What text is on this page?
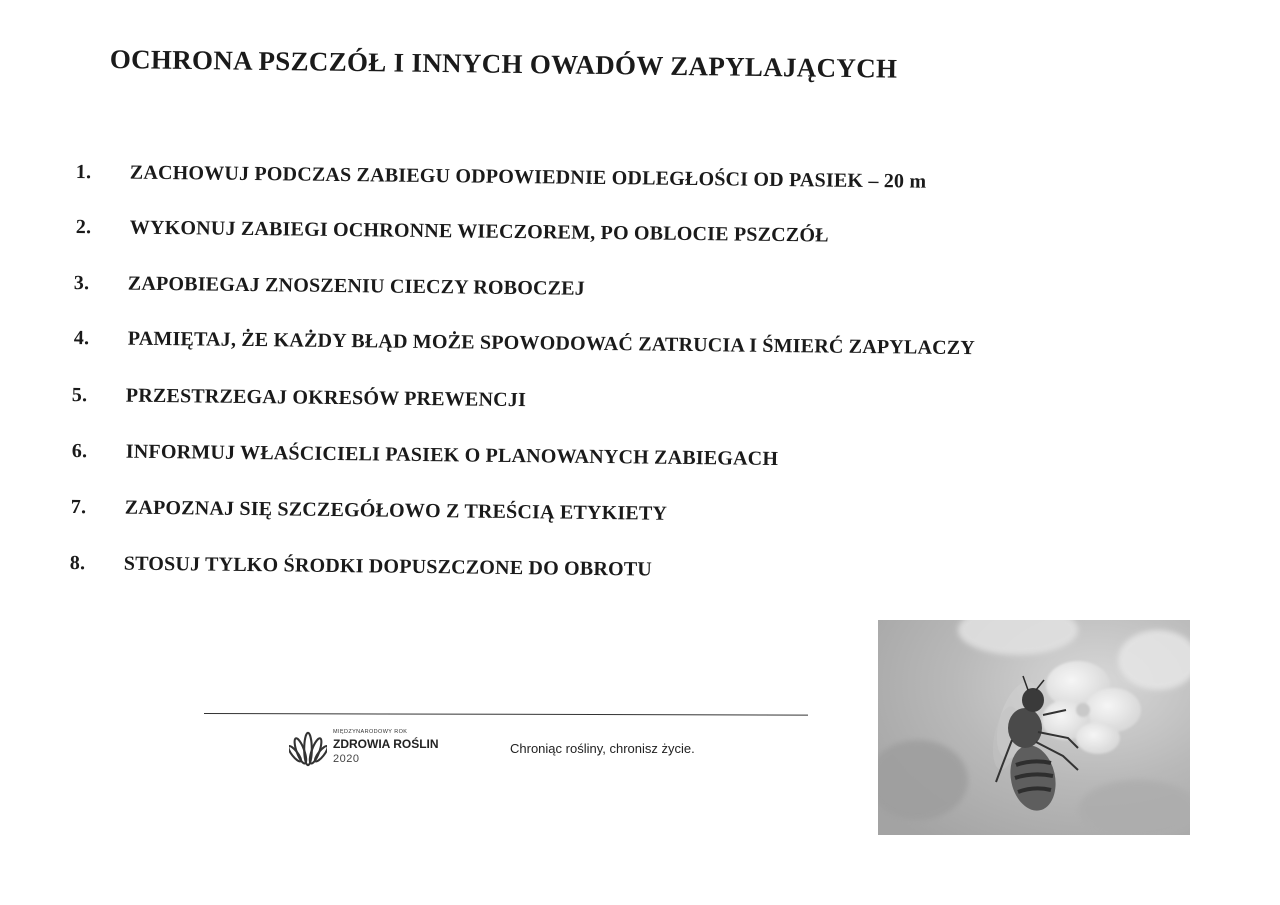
OCHRONA PSZCZÓŁ I INNYCH OWADÓW ZAPYLAJĄCYCH
1. ZACHOWUJ PODCZAS ZABIEGU ODPOWIEDNIE ODLEGŁOŚCI OD PASIEK – 20 m
2. WYKONUJ ZABIEGI OCHRONNE WIECZOREM, PO OBLOCIE PSZCZÓŁ
3. ZAPOBIEGAJ ZNOSZENIU CIECZY ROBOCZEJ
4. PAMIĘTAJ, ŻE KAŻDY BŁĄD MOŻE SPOWODOWAĆ ZATRUCIA I ŚMIERĆ ZAPYLACZY
5. PRZESTRZEGAJ OKRESÓW PREWENCJI
6. INFORMUJ WŁAŚCICIELI PASIEK O PLANOWANYCH ZABIEGACH
7. ZAPOZNAJ SIĘ SZCZEGÓŁOWO Z TREŚCIĄ ETYKIETY
8. STOSUJ TYLKO ŚRODKI DOPUSZCZONE DO OBROTU
MIĘDZYNARODOWY ROK
ZDROWIA ROŚLIN
2020
Chroniąc rośliny, chronisz życie.
